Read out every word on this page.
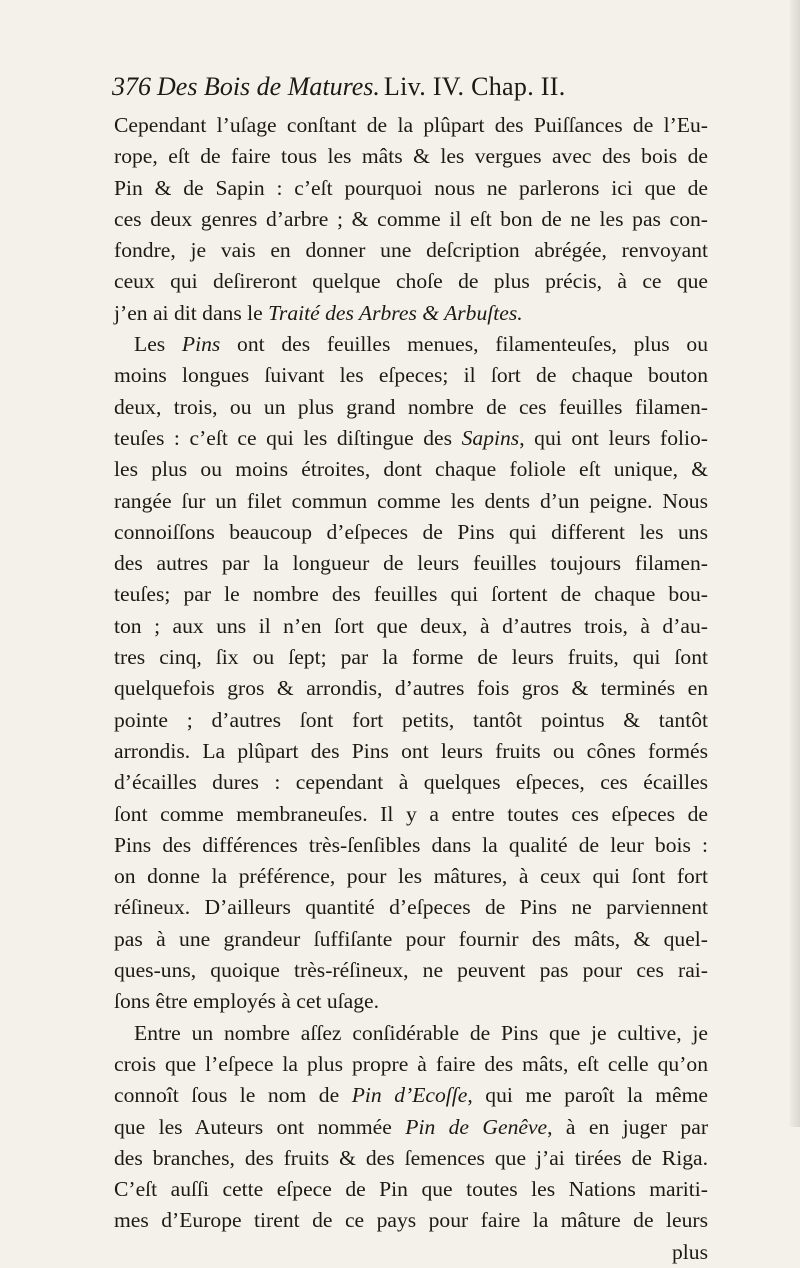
376 Des Bois de Matures. Liv. IV. Chap. II.
Cependant l’uſage conſtant de la plûpart des Puiſſances de l’Eu-
rope, eſt de faire tous les mâts & les vergues avec des bois de
Pin & de Sapin : c’eſt pourquoi nous ne parlerons ici que de
ces deux genres d’arbre ; & comme il eſt bon de ne les pas con-
fondre, je vais en donner une deſcription abrégée, renvoyant
ceux qui deſireront quelque choſe de plus précis, à ce que
j’en ai dit dans le Traité des Arbres & Arbuſtes.
Les Pins ont des feuilles menues, filamenteuſes, plus ou
moins longues ſuivant les eſpeces; il ſort de chaque bouton
deux, trois, ou un plus grand nombre de ces feuilles filamen-
teuſes : c’eſt ce qui les diſtingue des Sapins, qui ont leurs folio-
les plus ou moins étroites, dont chaque foliole eſt unique, &
rangée ſur un filet commun comme les dents d’un peigne. Nous
connoiſſons beaucoup d’eſpeces de Pins qui different les uns
des autres par la longueur de leurs feuilles toujours filamen-
teuſes; par le nombre des feuilles qui ſortent de chaque bou-
ton ; aux uns il n’en ſort que deux, à d’autres trois, à d’au-
tres cinq, ſix ou ſept; par la forme de leurs fruits, qui ſont
quelquefois gros & arrondis, d’autres fois gros & terminés en
pointe ; d’autres ſont fort petits, tantôt pointus & tantôt
arrondis. La plûpart des Pins ont leurs fruits ou cônes formés
d’écailles dures : cependant à quelques eſpeces, ces écailles
ſont comme membraneuſes. Il y a entre toutes ces eſpeces de
Pins des différences très-ſenſibles dans la qualité de leur bois :
on donne la préférence, pour les mâtures, à ceux qui ſont fort
réſineux. D’ailleurs quantité d’eſpeces de Pins ne parviennent
pas à une grandeur ſuffiſante pour fournir des mâts, & quel-
ques-uns, quoique très-réſineux, ne peuvent pas pour ces rai-
ſons être employés à cet uſage.
Entre un nombre aſſez conſidérable de Pins que je cultive, je
crois que l’eſpece la plus propre à faire des mâts, eſt celle qu’on
connoît ſous le nom de Pin d’Ecoſſe, qui me paroît la même
que les Auteurs ont nommée Pin de Genêve, à en juger par
des branches, des fruits & des ſemences que j’ai tirées de Riga.
C’eſt auſſi cette eſpece de Pin que toutes les Nations mariti-
mes d’Europe tirent de ce pays pour faire la mâture de leurs
plus
